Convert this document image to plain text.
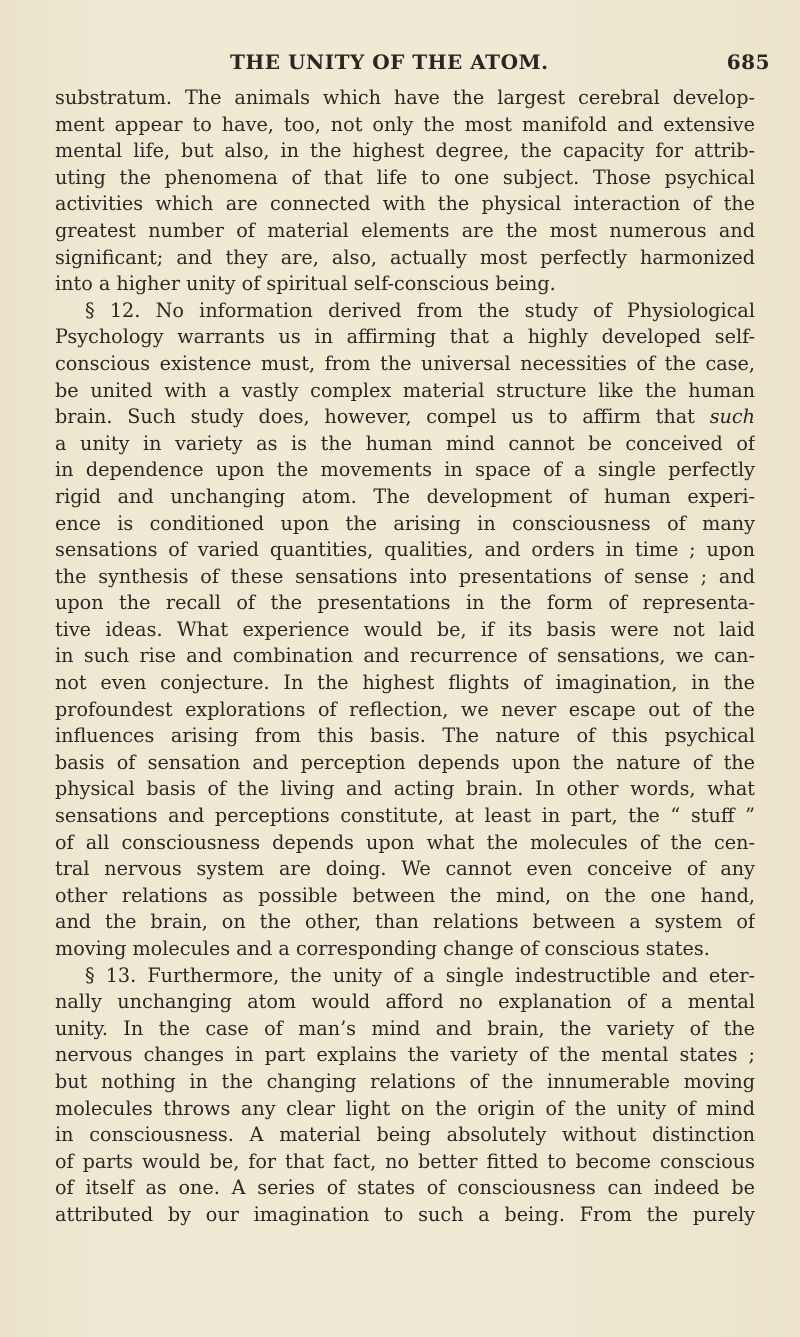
THE UNITY OF THE ATOM.	685
substratum. The animals which have the largest cerebral develop-
ment appear to have, too, not only the most manifold and extensive
mental life, but also, in the highest degree, the capacity for attrib-
uting the phenomena of that life to one subject. Those psychical
activities which are connected with the physical interaction of the
greatest number of material elements are the most numerous and
significant; and they are, also, actually most perfectly harmonized
into a higher unity of spiritual self-conscious being.
§ 12. No information derived from the study of Physiological
Psychology warrants us in affirming that a highly developed self-
conscious existence must, from the universal necessities of the case,
be united with a vastly complex material structure like the human
brain. Such study does, however, compel us to affirm that such
a unity in variety as is the human mind cannot be conceived of
in dependence upon the movements in space of a single perfectly
rigid and unchanging atom. The development of human experi-
ence is conditioned upon the arising in consciousness of many
sensations of varied quantities, qualities, and orders in time ; upon
the synthesis of these sensations into presentations of sense ; and
upon the recall of the presentations in the form of representa-
tive ideas. What experience would be, if its basis were not laid
in such rise and combination and recurrence of sensations, we can-
not even conjecture. In the highest flights of imagination, in the
profoundest explorations of reflection, we never escape out of the
influences arising from this basis. The nature of this psychical
basis of sensation and perception depends upon the nature of the
physical basis of the living and acting brain. In other words, what
sensations and perceptions constitute, at least in part, the “ stuff ”
of all consciousness depends upon what the molecules of the cen-
tral nervous system are doing. We cannot even conceive of any
other relations as possible between the mind, on the one hand,
and the brain, on the other, than relations between a system of
moving molecules and a corresponding change of conscious states.
§ 13. Furthermore, the unity of a single indestructible and eter-
nally unchanging atom would afford no explanation of a mental
unity. In the case of man’s mind and brain, the variety of the
nervous changes in part explains the variety of the mental states ;
but nothing in the changing relations of the innumerable moving
molecules throws any clear light on the origin of the unity of mind
in consciousness. A material being absolutely without distinction
of parts would be, for that fact, no better fitted to become conscious
of itself as one. A series of states of consciousness can indeed be
attributed by our imagination to such a being. From the purely
